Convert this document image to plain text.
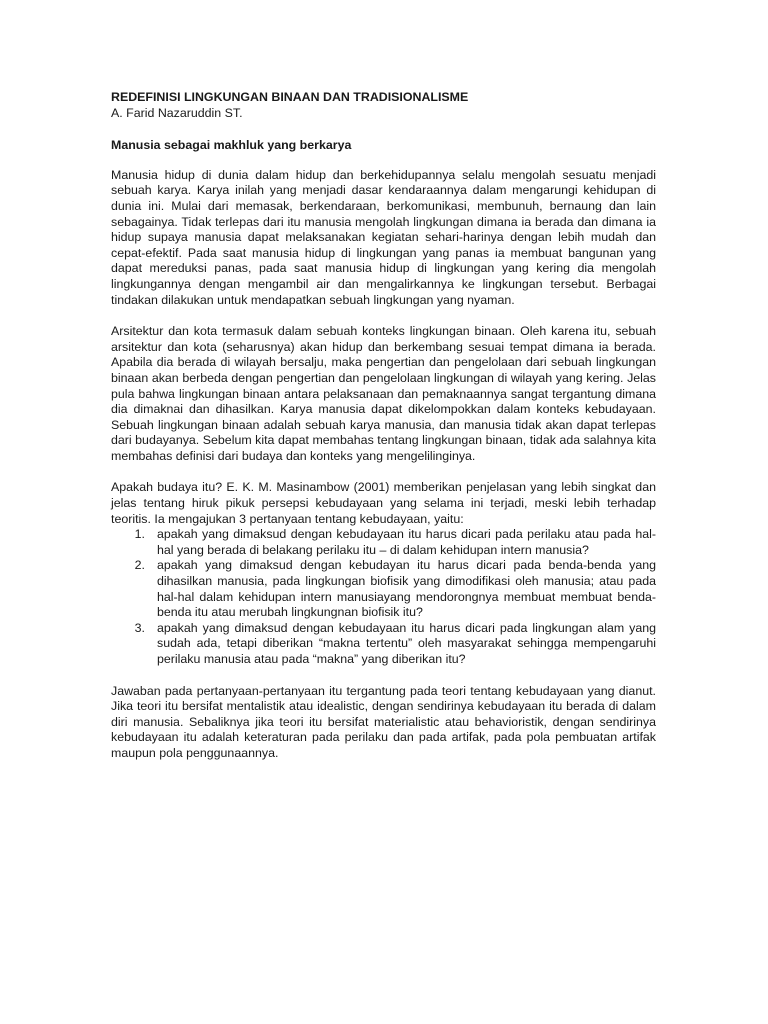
REDEFINISI LINGKUNGAN BINAAN DAN TRADISIONALISME

A. Farid Nazaruddin ST.

Manusia sebagai makhluk yang berkarya

Manusia hidup di dunia dalam hidup dan berkehidupannya selalu mengolah sesuatu menjadi sebuah karya. Karya inilah yang menjadi dasar kendaraannya dalam mengarungi kehidupan di dunia ini. Mulai dari memasak, berkendaraan, berkomunikasi, membunuh, bernaung dan lain sebagainya. Tidak terlepas dari itu manusia mengolah lingkungan dimana ia berada dan dimana ia hidup supaya manusia dapat melaksanakan kegiatan sehari-harinya dengan lebih mudah dan cepat-efektif. Pada saat manusia hidup di lingkungan yang panas ia membuat bangunan yang dapat mereduksi panas, pada saat manusia hidup di lingkungan yang kering dia mengolah lingkungannya dengan mengambil air dan mengalirkannya ke lingkungan tersebut. Berbagai tindakan dilakukan untuk mendapatkan sebuah lingkungan yang nyaman.

Arsitektur dan kota termasuk dalam sebuah konteks lingkungan binaan. Oleh karena itu, sebuah arsitektur dan kota (seharusnya) akan hidup dan berkembang sesuai tempat dimana ia berada. Apabila dia berada di wilayah bersalju, maka pengertian dan pengelolaan dari sebuah lingkungan binaan akan berbeda dengan pengertian dan pengelolaan lingkungan di wilayah yang kering. Jelas pula bahwa lingkungan binaan antara pelaksanaan dan pemaknaannya sangat tergantung dimana dia dimaknai dan dihasilkan. Karya manusia dapat dikelompokkan dalam konteks kebudayaan. Sebuah lingkungan binaan adalah sebuah karya manusia, dan manusia tidak akan dapat terlepas dari budayanya. Sebelum kita dapat membahas tentang lingkungan binaan, tidak ada salahnya kita membahas definisi dari budaya dan konteks yang mengelilinginya.

Apakah budaya itu? E. K. M. Masinambow (2001) memberikan penjelasan yang lebih singkat dan jelas tentang hiruk pikuk persepsi kebudayaan yang selama ini terjadi, meski lebih terhadap teoritis. Ia mengajukan 3 pertanyaan tentang kebudayaan, yaitu:
1. apakah yang dimaksud dengan kebudayaan itu harus dicari pada perilaku atau pada hal-hal yang berada di belakang perilaku itu – di dalam kehidupan intern manusia?
2. apakah yang dimaksud dengan kebudayan itu harus dicari pada benda-benda yang dihasilkan manusia, pada lingkungan biofisik yang dimodifikasi oleh manusia; atau pada hal-hal dalam kehidupan intern manusiayang mendorongnya membuat membuat benda-benda itu atau merubah lingkungnan biofisik itu?
3. apakah yang dimaksud dengan kebudayaan itu harus dicari pada lingkungan alam yang sudah ada, tetapi diberikan “makna tertentu” oleh masyarakat sehingga mempengaruhi perilaku manusia atau pada “makna” yang diberikan itu?

Jawaban pada pertanyaan-pertanyaan itu tergantung pada teori tentang kebudayaan yang dianut. Jika teori itu bersifat mentalistik atau idealistic, dengan sendirinya kebudayaan itu berada di dalam diri manusia. Sebaliknya jika teori itu bersifat materialistic atau behavioristik, dengan sendirinya kebudayaan itu adalah keteraturan pada perilaku dan pada artifak, pada pola pembuatan artifak maupun pola penggunaannya.
